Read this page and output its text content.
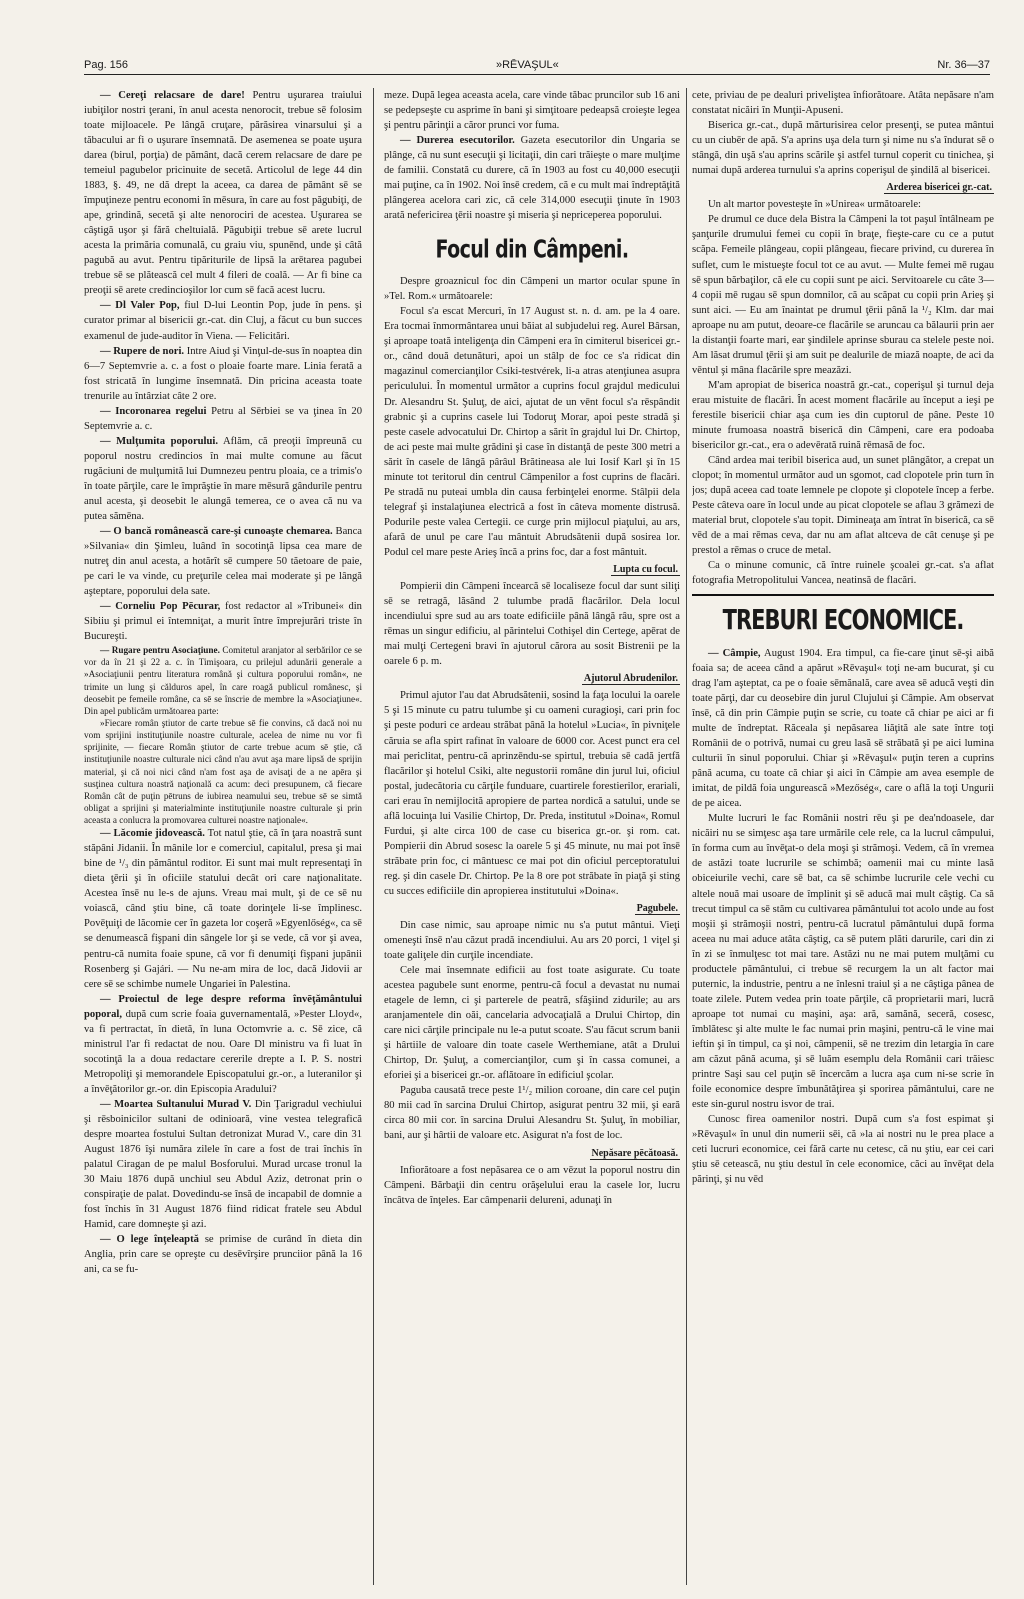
Pag. 156	»RĒVAŞUL«	Nr. 36—37

— Cereţi relacsare de dare! Pentru uşurarea traiului iubiţilor nostri ţerani, în anul acesta nenorocit, trebue sē folosim toate mijloacele. Pe lângă cruţare, părăsirea vinarsului şi a tăbacului ar fi o uşurare însemnată. De asemenea se poate uşura darea (birul, porţia) de pământ, dacă cerem relacsare de dare pe temeiul pagubelor pricinuite de secetă. Articolul de lege 44 din 1883, §. 49, ne dă drept la aceea, ca darea de pământ sē se împuţineze pentru economi în mēsura, în care au fost păgubiţi, de ape, grindină, secetă şi alte nenorociri de acestea. Uşurarea se câştigă uşor şi fără cheltuială. Păgubiţii trebue sē arete lucrul acesta la primăria comunală, cu graiu viu, spunēnd, unde şi câtă pagubă au avut. Pentru tipăriturile de lipsă la arētarea pagubei trebue sē se plătească cel mult 4 fileri de coală. — Ar fi bine ca preoţii sē arete credincioşilor lor cum sē facă acest lucru.

— Dl Valer Pop, fiul D-lui Leontin Pop, jude în pens. şi curator primar al bisericii gr.-cat. din Cluj, a făcut cu bun succes examenul de jude-auditor în Viena. — Felicitări.

— Rupere de nori. Intre Aiud şi Vinţul-de-sus în noaptea din 6—7 Septemvrie a. c. a fost o ploaie foarte mare. Linia ferată a fost stricată în lungime însemnată. Din pricina aceasta toate trenurile au întârziat câte 2 ore.

— Incoronarea regelui Petru al Sērbiei se va ţinea în 20 Septemvrie a. c.

— Mulţumita poporului. Aflăm, că preoţii împreună cu poporul nostru credincios în mai multe comune au făcut rugăciuni de mulţumită lui Dumnezeu pentru ploaia, ce a trimis'o în toate părţile, care le împrăştie în mare mēsură gândurile pentru anul acesta, şi deosebit le alungă temerea, ce o avea că nu va putea sămēna.

— O bancă românească care-şi cunoaşte chemarea. Banca »Silvania« din Şimleu, luând în socotinţă lipsa cea mare de nutreţ din anul acesta, a hotărît sē cumpere 50 tăetoare de paie, pe cari le va vinde, cu preţurile celea mai moderate şi pe lângă aşteptare, poporului dela sate.

— Corneliu Pop Pēcurar, fost redactor al »Tribunei« din Sibiiu şi primul ei întemniţat, a murit între împrejurări triste în Bucureşti.

— Rugare pentru Asociaţiune. Comitetul aranjator al serbărilor ce se vor da în 21 şi 22 a. c. în Timişoara, cu prilejul adunării generale a »Asociaţiunii pentru literatura română şi cultura poporului român«, ne trimite un lung şi călduros apel, în care roagă publicul românesc, şi deosebit pe femeile române, ca sē se înscrie de membre la »Asociaţiune«. Din apel publicăm următoarea parte:

»Fiecare român ştiutor de carte trebue sē fie convins, că dacă noi nu vom sprijini instituţiunile noastre culturale, acelea de nime nu vor fi sprijinite, — fiecare Român ştiutor de carte trebue acum sē ştie, că instituţiunile noastre culturale nici când n'au avut aşa mare lipsă de sprijin material, şi că noi nici când n'am fost aşa de avisaţi de a ne apēra şi susţinea cultura noastră naţională ca acum: deci presupunem, că fiecare Român cât de puţin pētruns de iubirea neamului seu, trebue sē se simtă obligat a sprijini şi materialminte instituţiunile noastre culturale şi prin aceasta a conlucra la promovarea culturei noastre naţionale«.

— Lăcomie jidovească. Tot natul ştie, că în ţara noastră sunt stăpâni Jidanii. În mânile lor e comerciul, capitalul, presa şi mai bine de ¹/₃ din pământul roditor. Ei sunt mai mult representaţi în dieta ţērii şi în oficiile statului decât ori care naţionalitate. Acestea însē nu le-s de ajuns. Vreau mai mult, şi de ce sē nu voiască, când ştiu bine, că toate dorinţele li-se împlinesc. Povēţuiţi de lăcomie cer în gazeta lor coşeră »Egyenlőség«, ca sē se denumească fişpani din sângele lor şi se vede, că vor şi avea, pentru-că numita foaie spune, că vor fi denumiţi fişpani jupânii Rosenberg şi Gajári. — Nu ne-am mira de loc, dacă Jidovii ar cere sē se schimbe numele Ungariei în Palestina.

— Proiectul de lege despre reforma învēţământului poporal, după cum scrie foaia guvernamentală, »Pester Lloyd«, va fi pertractat, în dietă, în luna Octomvrie a. c. Sē zice, că ministrul l'ar fi redactat de nou. Oare Dl ministru va fi luat în socotinţă la a doua redactare cererile drepte a I. P. S. nostri Metropoliţi şi memorandele Episcopatului gr.-or., a luteranilor şi a învēţătorilor gr.-or. din Episcopia Aradului?

— Moartea Sultanului Murad V. Din Ţarigradul vechiului şi rēsboinicilor sultani de odinioară, vine vestea telegrafică despre moartea fostului Sultan detronizat Murad V., care din 31 August 1876 îşi număra zilele în care a fost de trai închis în palatul Ciragan de pe malul Bosforului. Murad urcase tronul la 30 Maiu 1876 după unchiul seu Abdul Aziz, detronat prin o conspiraţie de palat. Dovedindu-se însă de incapabil de domnie a fost închis în 31 August 1876 fiind ridicat fratele seu Abdul Hamid, care domneşte şi azi.

— O lege înţeleaptă se primise de curând în dieta din Anglia, prin care se opreşte cu desēvîrşire prunciior până la 16 ani, ca se fu-

meze. După legea aceasta acela, care vinde tăbac pruncilor sub 16 ani se pedepseşte cu asprime în bani şi simţitoare pedeapsă croieşte legea şi pentru părinţii a căror prunci vor fuma.

— Durerea esecutorilor. Gazeta esecutorilor din Ungaria se plânge, că nu sunt esecuţii şi licitaţii, din cari trăieşte o mare mulţime de familii. Constată cu durere, că în 1903 au fost cu 40,000 esecuţii mai puţine, ca în 1902. Noi însē credem, că e cu mult mai îndreptăţită plângerea acelora cari zic, că cele 314,000 esecuţii ţinute în 1903 arată nefericirea ţērii noastre şi miseria şi nepriceperea poporului.

Focul din Câmpeni.

Despre groaznicul foc din Câmpeni un martor ocular spune în »Tel. Rom.« următoarele:

Focul s'a escat Mercuri, în 17 August st. n. d. am. pe la 4 oare. Era tocmai înmormântarea unui băiat al subjudelui reg. Aurel Bârsan, şi aproape toată inteligenţa din Câmpeni era în cimiterul bisericei gr.-or., când două detunături, apoi un stâlp de foc ce s'a ridicat din magazinul comercianţilor Csiki-testvérek, li-a atras atenţiunea asupra periculului. În momentul următor a cuprins focul grajdul medicului Dr. Alesandru St. Şuluţ, de aici, ajutat de un vēnt focul s'a rēspândit grabnic şi a cuprins casele lui Todoruţ Morar, apoi peste stradă şi peste casele advocatului Dr. Chirtop a sărit în grajdul lui Dr. Chirtop, de aci peste mai multe grădini şi case în distanţă de peste 300 metri a sărit în casele de lângă pârâul Brătineasa ale lui Iosif Karl şi în 15 minute tot teritorul din centrul Câmpenilor a fost cuprins de flacări. Pe stradă nu puteai umbla din causa ferbinţelei enorme. Stâlpii dela telegraf şi instalaţiunea electrică a fost în câteva momente distrusă. Podurile peste valea Certegii. ce curge prin mijlocul piaţului, au ars, afară de unul pe care l'au mântuit Abrudsătenii după sosirea lor. Podul cel mare peste Arieş încă a prins foc, dar a fost mântuit.

Lupta cu focul.

Pompierii din Câmpeni încearcă sē localiseze focul dar sunt siliţi sē se retragă, lăsând 2 tulumbe pradă flacărilor. Dela locul incendiului spre sud au ars toate edificiile până lângă râu, spre ost a rēmas un singur edificiu, al părintelui Cothişel din Certege, apērat de mai mulţi Certegeni bravi în ajutorul cărora au sosit Bistrenii pe la oarele 6 p. m.

Ajutorul Abrudenilor.

Primul ajutor l'au dat Abrudsătenii, sosind la faţa locului la oarele 5 şi 15 minute cu patru tulumbe şi cu oameni curagioşi, cari prin foc şi peste poduri ce ardeau străbat până la hotelul »Lucia«, în pivniţele căruia se afla spirt rafinat în valoare de 6000 cor. Acest punct era cel mai periclitat, pentru-că aprinzēndu-se spirtul, trebuia sē cadă jertfă flacărilor şi hotelul Csiki, alte negustorii române din jurul lui, oficiul postal, judecătoria cu cărţile funduare, cuartirele forestierilor, erariali, cari erau în nemijlocită apropiere de partea nordică a satului, unde se află locuinţa lui Vasilie Chirtop, Dr. Preda, institutul »Doina«, Romul Furdui, şi alte circa 100 de case cu biserica gr.-or. şi rom. cat. Pompierii din Abrud sosesc la oarele 5 şi 45 minute, nu mai pot însē străbate prin foc, ci mântuesc ce mai pot din oficiul perceptoratului reg. şi din casele Dr. Chirtop. Pe la 8 ore pot străbate în piaţă şi sting cu succes edificiile din apropierea institutului »Doina«.

Pagubele.

Din case nimic, sau aproape nimic nu s'a putut mântui. Vieţi omeneşti însē n'au căzut pradă incendiului. Au ars 20 porci, 1 viţel şi toate galiţele din curţile incendiate.

Cele mai însemnate edificii au fost toate asigurate. Cu toate acestea pagubele sunt enorme, pentru-că focul a devastat nu numai etagele de lemn, ci şi parterele de peatră, sfăşiind zidurile; au ars aranjamentele din oăi, cancelaria advocaţială a Drului Chirtop, din care nici cărţile principale nu le-a putut scoate. S'au făcut scrum banii şi hârtiile de valoare din toate casele Werthemiane, atât a Drului Chirtop, Dr. Şuluţ, a comercianţilor, cum şi în cassa comunei, a eforiei şi a bisericei gr.-or. aflătoare în edificiul şcolar.

Paguba causată trece peste 1¹/₂ milion coroane, din care cel puţin 80 mii cad în sarcina Drului Chirtop, asigurat pentru 32 mii, şi eară circa 80 mii cor. în sarcina Drului Alesandru St. Şuluţ, în mobiliar, bani, aur şi hârtii de valoare etc. Asigurat n'a fost de loc.

Nepăsare pēcătoasă.

Infiorătoare a fost nepăsarea ce o am vēzut la poporul nostru din Câmpeni. Bărbaţii din centru orăşelului erau la casele lor, lucru încâtva de înţeles. Ear câmpenarii delureni, adunaţi în

cete, priviau de pe dealuri priveliştea înfiorătoare. Atâta nepăsare n'am constatat nicăiri în Munţii-Apuseni.

Biserica gr.-cat., după mărturisirea celor presenţi, se putea mântui cu un ciubēr de apă. S'a aprins uşa dela turn şi nime nu s'a îndurat sē o stângă, din uşă s'au aprins scările şi astfel turnul coperit cu tinichea, şi numai după arderea turnului s'a aprins coperişul de şindilă al bisericei.

Arderea bisericei gr.-cat.

Un alt martor povesteşte în »Unirea« următoarele:

Pe drumul ce duce dela Bistra la Câmpeni la tot paşul întâlneam pe şanţurile drumului femei cu copii în braţe, fieşte-care cu ce a putut scăpa. Femeile plângeau, copii plângeau, fiecare privind, cu durerea în suflet, cum le mistueşte focul tot ce au avut. — Multe femei mē rugau sē spun bărbaţilor, că ele cu copii sunt pe aici. Servitoarele cu câte 3—4 copii mē rugau sē spun domnilor, că au scăpat cu copii prin Arieş şi sunt aici. — Eu am înaintat pe drumul ţērii până la ¹/₂ Klm. dar mai aproape nu am putut, deoare-ce flacările se aruncau ca bălaurii prin aer la distanţii foarte mari, ear şindilele aprinse sburau ca stelele peste noi. Am lăsat drumul ţērii şi am suit pe dealurile de miază noapte, de aci da vēntul şi mâna flacările spre meazăzi.

M'am apropiat de biserica noastră gr.-cat., coperişul şi turnul deja erau mistuite de flacări. În acest moment flacările au început a ieşi pe ferestile bisericii chiar aşa cum ies din cuptorul de pâne. Peste 10 minute frumoasa noastră biserică din Câmpeni, care era podoaba bisericilor gr.-cat., era o adevērată ruină rēmasă de foc.

Când ardea mai teribil biserica aud, un sunet plângător, a crepat un clopot; în momentul următor aud un sgomot, cad clopotele prin turn în jos; după aceea cad toate lemnele pe clopote şi clopotele încep a ferbe. Peste câteva oare în locul unde au picat clopotele se aflau 3 grămezi de material brut, clopotele s'au topit. Dimineaţa am întrat în biserică, ca sē vēd de a mai rēmas ceva, dar nu am aflat altceva de cât cenuşe şi pe prestol a rēmas o cruce de metal.

Ca o minune comunic, că între ruinele şcoalei gr.-cat. s'a aflat fotografia Metropolitului Vancea, neatinsă de flacări.

TREBURI ECONOMICE.

— Câmpie, August 1904. Era timpul, ca fie-care ţinut sē-şi aibă foaia sa; de aceea când a apărut »Rēvaşul« toţi ne-am bucurat, şi cu drag l'am aşteptat, ca pe o foaie sēmănală, care avea sē aducă veşti din toate părţi, dar cu deosebire din jurul Clujului şi Câmpie. Am observat însē, că din prin Câmpie puţin se scrie, cu toate că chiar pe aici ar fi multe de îndreptat. Răceala şi nepăsarea liăţită ale sate între toţi Românii de o potrivă, numai cu greu lasă sē străbată şi pe aici lumina culturii în sinul poporului. Chiar şi »Rēvaşul« puţin teren a cuprins până acuma, cu toate că chiar şi aici în Câmpie am avea esemple de imitat, de pildă foia ungurească »Mezőség«, care o află la toţi Ungurii de pe aicea.

Multe lucruri le fac Românii nostri rēu şi pe dea'ndoasele, dar nicăiri nu se simţesc aşa tare urmările cele rele, ca la lucrul câmpului, în forma cum au învēţat-o dela moşi şi strămoşi. Vedem, că în vremea de astăzi toate lucrurile se schimbă; oamenii mai cu minte lasă obiceiurile vechi, care sē bat, ca sē schimbe lucrurile cele vechi cu altele nouă mai usoare de împlinit şi sē aducă mai mult câştig. Ca să trecut timpul ca sē stăm cu cultivarea pământului tot acolo unde au fost moşii şi strămoşii nostri, pentru-că lucratul pământului după forma aceea nu mai aduce atâta câştig, ca sē putem plăti darurile, cari din zi în zi se înmulţesc tot mai tare. Astăzi nu ne mai putem mulţămi cu productele pământului, ci trebue sē recurgem la un alt factor mai puternic, la industrie, pentru a ne înlesni traiul şi a ne câştiga pânea de toate zilele. Putem vedea prin toate părţile, că proprietarii mari, lucră aproape tot numai cu maşini, aşa: ară, samănă, seceră, cosesc, îmblătesc şi alte multe le fac numai prin maşini, pentru-că le vine mai ieftin şi în timpul, ca şi noi, câmpenii, sē ne trezim din letargia în care am căzut până acuma, şi sē luăm esemplu dela Românii cari trăiesc printre Saşi sau cel puţin sē încercăm a lucra aşa cum ni-se scrie în foile economice despre îmbunătăţirea şi sporirea pământului, care ne este sin-gurul nostru isvor de trai.

Cunosc firea oamenilor nostri. După cum s'a fost espimat şi »Rēvaşul« în unul din numerii sēi, că »la ai nostri nu le prea place a ceti lucruri economice, cei fără carte nu cetesc, că nu ştiu, ear cei cari ştiu sē cetească, nu ştiu destul în cele economice, căci au învēţat dela părinţi, şi nu vēd
